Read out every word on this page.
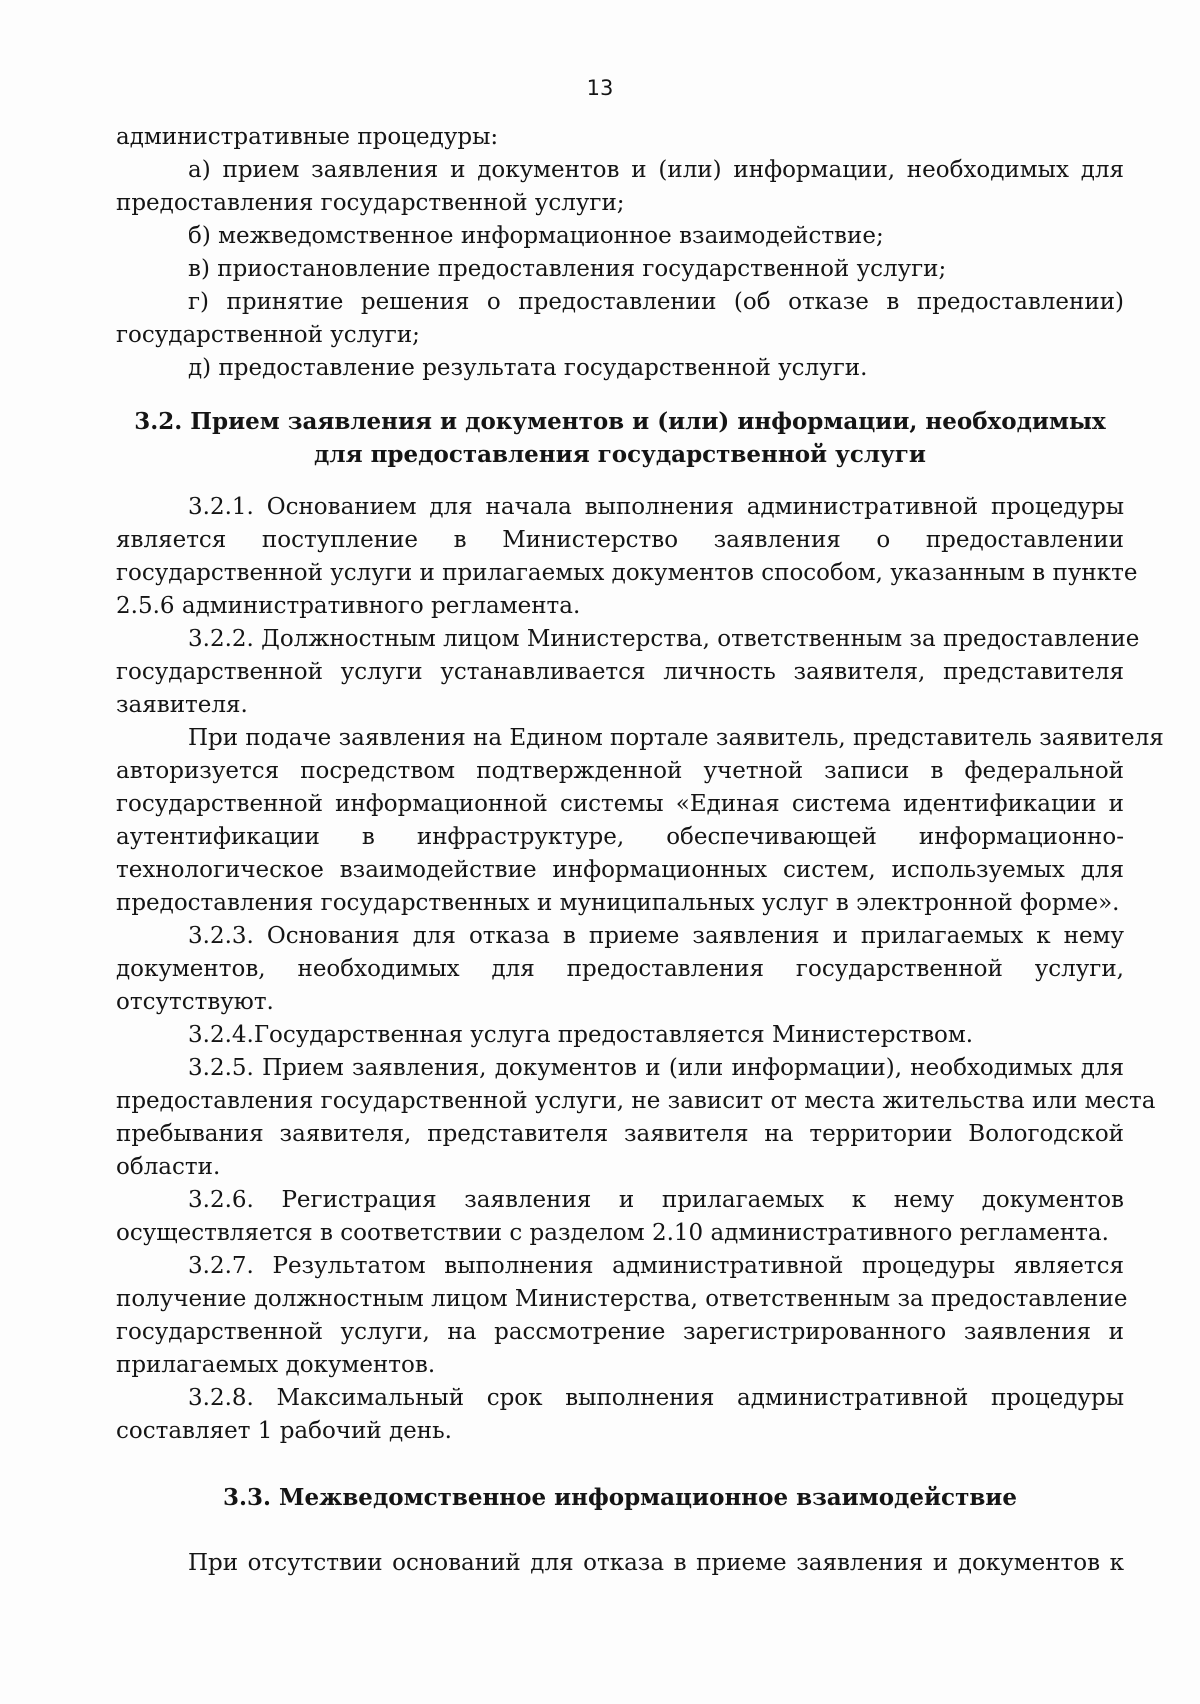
13
административные процедуры:
а) прием заявления и документов и (или) информации, необходимых для
предоставления государственной услуги;
б) межведомственное информационное взаимодействие;
в) приостановление предоставления государственной услуги;
г) принятие решения о предоставлении (об отказе в предоставлении)
государственной услуги;
д) предоставление результата государственной услуги.
3.2. Прием заявления и документов и (или) информации, необходимых
для предоставления государственной услуги
3.2.1. Основанием для начала выполнения административной процедуры
является поступление в Министерство заявления о предоставлении
государственной услуги и прилагаемых документов способом, указанным в пункте
2.5.6 административного регламента.
3.2.2. Должностным лицом Министерства, ответственным за предоставление
государственной услуги устанавливается личность заявителя, представителя
заявителя.
При подаче заявления на Едином портале заявитель, представитель заявителя
авторизуется посредством подтвержденной учетной записи в федеральной
государственной информационной системы «Единая система идентификации и
аутентификации в инфраструктуре, обеспечивающей информационно-
технологическое взаимодействие информационных систем, используемых для
предоставления государственных и муниципальных услуг в электронной форме».
3.2.3. Основания для отказа в приеме заявления и прилагаемых к нему
документов, необходимых для предоставления государственной услуги,
отсутствуют.
3.2.4.Государственная услуга предоставляется Министерством.
3.2.5. Прием заявления, документов и (или информации), необходимых для
предоставления государственной услуги, не зависит от места жительства или места
пребывания заявителя, представителя заявителя на территории Вологодской
области.
3.2.6. Регистрация заявления и прилагаемых к нему документов
осуществляется в соответствии с разделом 2.10 административного регламента.
3.2.7. Результатом выполнения административной процедуры является
получение должностным лицом Министерства, ответственным за предоставление
государственной услуги, на рассмотрение зарегистрированного заявления и
прилагаемых документов.
3.2.8. Максимальный срок выполнения административной процедуры
составляет 1 рабочий день.
3.3. Межведомственное информационное взаимодействие
При отсутствии оснований для отказа в приеме заявления и документов к
